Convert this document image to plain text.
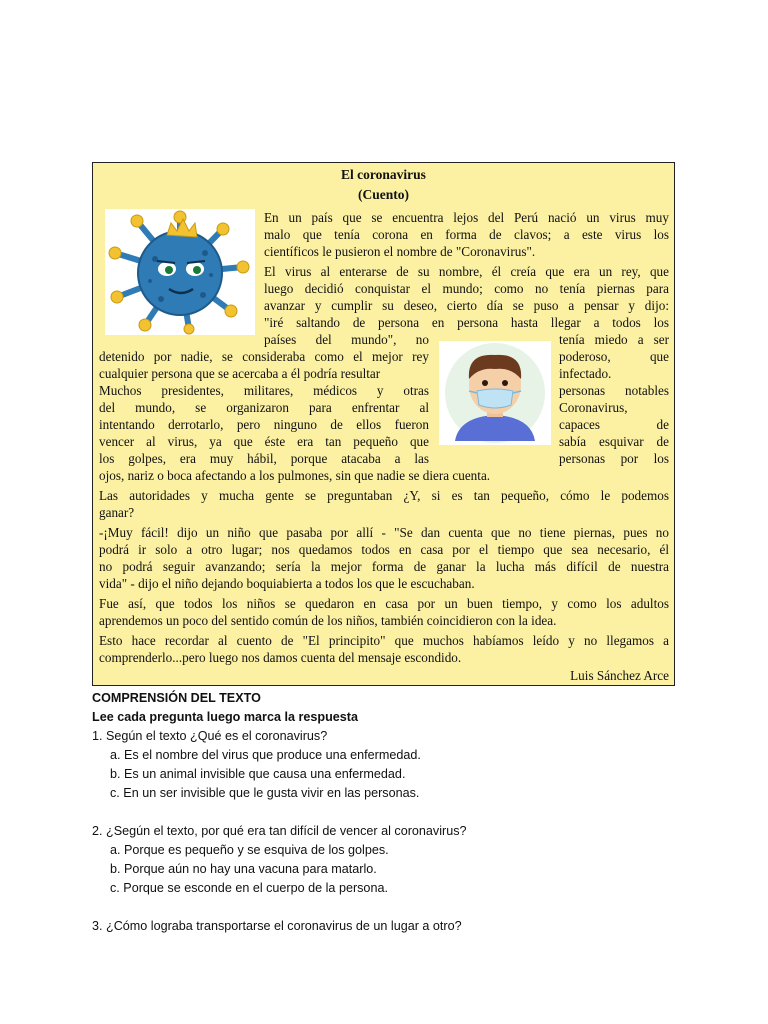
El coronavirus
(Cuento)
En un país que se encuentra lejos del Perú nació un virus muy
malo que tenía corona en forma de clavos; a este virus los
científicos le pusieron el nombre de "Coronavirus".
El virus al enterarse de su nombre, él creía que era un rey, que
luego decidió conquistar el mundo; como no tenía piernas para
avanzar y cumplir su deseo, cierto día se puso a pensar y dijo:
"iré saltando de persona en persona hasta llegar a todos los
países del mundo", no	tenía miedo a ser
detenido por nadie, se consideraba como el mejor rey	poderoso, que
cualquier persona que se acercaba a él podría resultar	infectado.
Muchos presidentes, militares, médicos y otras	personas notables
del mundo, se organizaron para enfrentar al	Coronavirus,
intentando derrotarlo, pero ninguno de ellos fueron	capaces de
vencer al virus, ya que éste era tan pequeño que	sabía esquivar de
los golpes, era muy hábil, porque atacaba a las	personas por los
ojos, nariz o boca afectando a los pulmones, sin que nadie se diera cuenta.
Las autoridades y mucha gente se preguntaban ¿Y, si es tan pequeño, cómo le podemos
ganar?
-¡Muy fácil! dijo un niño que pasaba por allí - "Se dan cuenta que no tiene piernas, pues no
podrá ir solo a otro lugar; nos quedamos todos en casa por el tiempo que sea necesario, él
no podrá seguir avanzando; sería la mejor forma de ganar la lucha más difícil de nuestra
vida" - dijo el niño dejando boquiabierta a todos los que le escuchaban.
Fue así, que todos los niños se quedaron en casa por un buen tiempo, y como los adultos
aprendemos un poco del sentido común de los niños, también coincidieron con la idea.
Esto hace recordar al cuento de "El principito" que muchos habíamos leído y no llegamos a
comprenderlo...pero luego nos damos cuenta del mensaje escondido.
Luis Sánchez Arce
COMPRENSIÓN DEL TEXTO
Lee cada pregunta luego marca la respuesta
1. Según el texto ¿Qué es el coronavirus?
a. Es el nombre del virus que produce una enfermedad.
b. Es un animal invisible que causa una enfermedad.
c. En un ser invisible que le gusta vivir en las personas.
2. ¿Según el texto, por qué era tan difícil de vencer al coronavirus?
a. Porque es pequeño y se esquiva de los golpes.
b. Porque aún no hay una vacuna para matarlo.
c. Porque se esconde en el cuerpo de la persona.
3. ¿Cómo lograba transportarse el coronavirus de un lugar a otro?
